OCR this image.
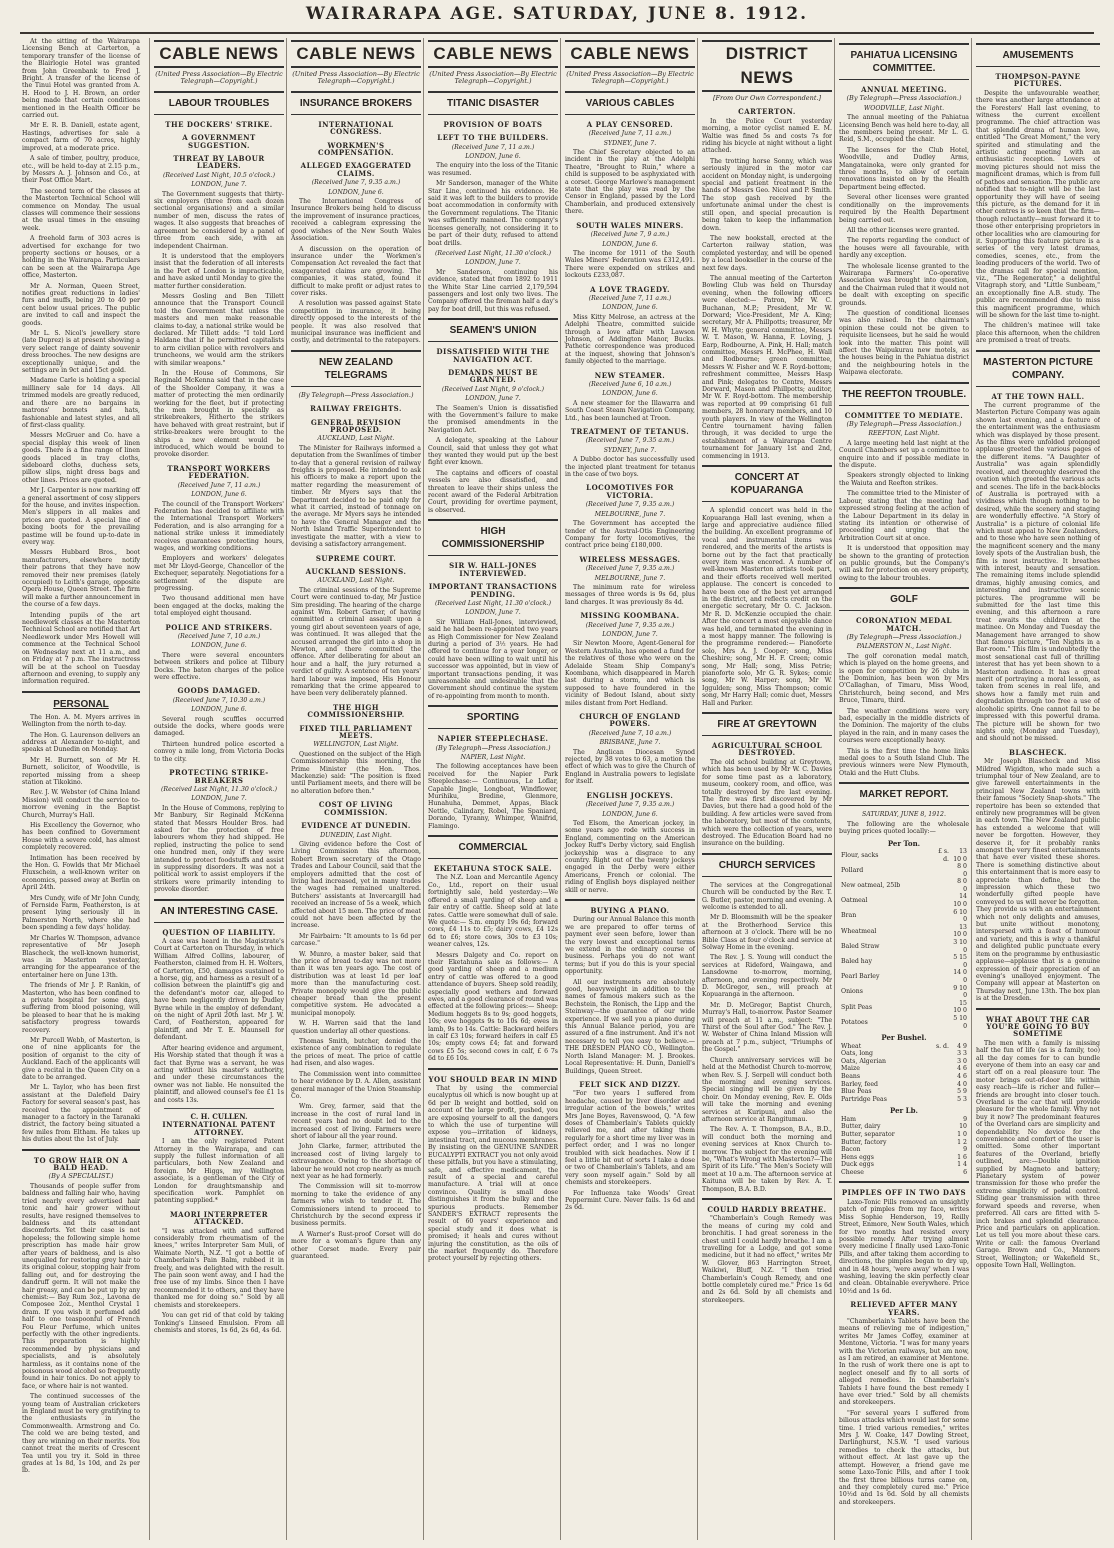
WAIRARAPA AGE. SATURDAY, JUNE 8. 1912.

At the sitting of the Wairarapa Licensing Bench at Carterton, a temporary transfer of the license of the Blairlogie Hotel was granted from John Greenbank to Fred J. Bright. A transfer of the license of the Tinui Hotel was granted from A. H. Hood to J. H. Brown, an order being made that certain conditions mentioned in the Health Officer be carried out.

Mr E. R. B. Daniell, estate agent, Hastings, advertises for sale a compact farm of 70 acres, highly improved, at a moderate price.

A sale of timber, poultry, produce, etc., will be held to-day at 2.15 p.m., by Messrs A. J. Johnson and Co., at their Post Office Mart.

The second term of the classes at the Masterton Technical School will commence on Monday. The usual classes will commence their sessions at the usual times in the ensuing week.

A freehold farm of 303 acres is advertised for exchange for two property sections or houses, or a holding in the Wairarapa. Particulars can be seen at the Wairarapa Age office, Masterton.

Mr A. Norman, Queen Street, notifies great reductions in ladies' furs and muffs, being 20 to 40 per cent below usual prices. The public are invited to call and inspect the goods.

Mr L. S. Nicol's jewellery store (late Duprez) is at present showing a very select range of dainty souvenir dress brooches. The new designs are exceptionally unique, and the settings are in 9ct and 15ct gold.

Madame Carle is holding a special millinery sale for 14 days. All trimmed models are greatly reduced, and there are no bargains in matrons' bonnets and hats, fashionable and latest styles, and all of first-class quality.

Messrs McGruer and Co. have a special display this week of linen goods. There is a fine range of linen goods placed in tray cloths, sideboard cloths, duchess sets, pillow slips, night dress bags and other lines. Prices are quoted.

Mr J. Carpenter is now marking off a general assortment of cosy slippers for the house, and invites inspection. Men's slippers in all makes and prices are quoted. A special line of boxing boots for the prevailing pastime will be found up-to-date in every way.

Messrs Hubbard Bros., boot manufacturers, elsewhere notify their patrons that they have now removed their new premises (lately occupied) to Leith's garage, opposite Opera House, Queen Street. The firm will make a further announcement in the course of a few days.

Intending pupils of the art needlework classes at the Masterton Technical School are notified that Art Needlework under Mrs Howell will commence at the Technical School on Wednesday next at 11 a.m., and on Friday at 7 p.m. The instructress will be at the school on Tuesday afternoon and evening, to supply any information required.

PERSONAL

The Hon. A. M. Myers arrives in Wellington from the north to-day.

The Hon. G. Laurenson delivers an address at Alexander to-night, and speaks at Dunedin on Monday.

Mr H. Burnett, son of Mr H. Burnett, solicitor, of Woodville, is reported missing from a sheep station at Tikokino.

Rev. J. W. Webster (of China Inland Mission) will conduct the service to-morrow evening in the Baptist Church, Murray's Hall.

His Excellency the Governor, who has been confined to Government House with a severe cold, has almost completely recovered.

Intimation has been received by the Hon. G. Fowlds that Mr Michael Fluxschein, a well-known writer on economics, passed away at Berlin on April 24th.

Mrs Cundy, wife of Mr John Cundy, of Fernside Farm, Featherston, is at present lying seriously ill in Palmerston North, where she had been spending a few days' holiday.

Mr Charles W. Thompson, advance representative of Mr Joseph Blascheck, the well-known humorist, was in Masterton yesterday, arranging for the appearance of the entertainer here on June 13th.

The friends of Mr J. P. Rankin, of Masterton, who has been confined to a private hospital for some days, suffering from blood poisoning, will be pleased to hear that he is making satisfactory progress towards recovery.

Mr Purcell Webb, of Masterton, is one of nine applicants for the position of organist to the city of Auckland. Each of the applicants will give a recital in the Queen City on a date to be arranged.

Mr L. Taylor, who has been first assistant at the Dalefield Dairy Factory for several season's past, has received the appointment of manager to a factory in the Taranaki district, the factory being situated a few miles from Eltham. He takes up his duties about the 1st of July.

TO GROW HAIR ON A BALD HEAD.
(By A SPECIALIST.)

Thousands of people suffer from baldness and falling hair who, having tried nearly every advertised hair tonic and hair grower without results, have resigned themselves to baldness and its attendant discomforts. Yet their case is not hopeless; the following simple home prescription has made hair grow after years of baldness, and is also unequalled for restoring grey hair to its original colour, stopping hair from falling out, and for destroying the dandruff germ. It will not make the hair greasy, and can be put up by any chemist:— Bay Rum 3oz., Lavona de Composee 2oz., Menthol Crystal 1 dram. If you wish it perfumed add half to one teaspoonful of French Fou Fleur Perfume, which unites perfectly with the other ingredients. This preparation is highly recommended by physicians and specialists, and is absolutely harmless, as it contains none of the poisonous wood alcohol so frequently found in hair tonics. Do not apply to face, or where hair is not wanted.

The continued successes of the young team of Australian cricketers in England must be very gratifying to the enthusiasts in the Commonwealth. Armstrong and Co. The cold we are being tested, and they are winning on their merits. You cannot treat the merits of Crescent Tea until you try it. Sold in three grades at 1s 8d, 1s 10d, and 2s per lb.

CABLE NEWS
(United Press Association—By Electric Telegraph—Copyright.)
LABOUR TROUBLES
THE DOCKERS' STRIKE.
A GOVERNMENT SUGGESTION.
THREAT BY LABOUR LEADERS.
(Received Last Night, 10.5 o'clock.)
LONDON, June 7.

The Government suggests that thirty-six employers (three from each dozen sectional organisations) and a similar number of men, discuss the rates of wages. It also suggests that breaches of agreement be considered by a panel of three from each side, with an independent Chairman.

It is understood that the employers insist that the federation of all interests in the Port of London is impracticable, and have asked until Monday to give the matter further consideration.

Messrs Gosling and Ben Tillett announce that the Transport Council told the Government that unless the masters and men make reasonable claims to-day, a national strike would be declared. Mr Tillett adds: "I told Lord Haldane that if he permitted capitalists to arm civilian police with revolvers and truncheons, we would arm the strikers with similar weapons."

In the House of Commons, Sir Reginald McKenna said that in the case of the Shoolder Company, it was a matter of protecting the men ordinarily working for the fleet, but if protecting the men brought in specially as strikebreakers, Hitherto the strikers have behaved with great restraint, but if strike-breakers were brought to the ships a new element would be introduced, which would be bound to provoke disorder.

TRANSPORT WORKERS FEDERATION.
(Received June 7, 11 a.m.)
LONDON, June 6.

The council of the Transport Workers' Federation has decided to affiliate with the International Transport Workers' Federation, and is also arranging for a national strike unless it immediately receives guarantees protecting hours, wages, and working conditions.

Employers and workers' delegates met Mr Lloyd-George, Chancellor of the Exchequer, separately. Negotiations for a settlement of the dispute are progressing.

Two thousand additional men have been engaged at the docks, making the total employed eight thousand.

POLICE AND STRIKERS.
(Received June 7, 10 a.m.)
LONDON, June 6.

There were several encounters between strikers and police at Tilbury Docks. The baton charges of the police were effective.

GOODS DAMAGED.
(Received June 7, 10.30 a.m.)
LONDON, June 6.

Several rough scuffles occurred outside the docks, where goods were damaged.

Thirteen hundred police escorted a convoy a mile long, from Victoria Docks to the city.

PROTECTING STRIKE-BREAKERS
(Received Last Night, 11.30 o'clock.)
LONDON, June 7.

In the House of Commons, replying to Mr Banbury, Sir Reginald McKenna stated that Messrs Houlder Bros. had asked for the protection of free labourers whom they had shipped. He replied, instructing the police to send one hundred men, only if they were intended to protect foodstuffs and assist in suppressing disorders. It was not a political work to assist employers if the strikers were primarily intending to provoke disorder.

AN INTERESTING CASE.
QUESTION OF LIABILITY.

A case was heard in the Magistrate's Court at Carterton on Thursday, in which William Alfred Collins, labourer, of Featherston, claimed from H. H. Wolters, of Carterton, £50, damages sustained to a horse, gig, and harness as a result of a collision between the plaintiff's gig and the defendant's motor car, alleged to have been negligently driven by Dudley Byrne while in the employ of defendant, on the night of April 20th last. Mr J. W. Card, of Featherston, appeared for plaintiff, and Mr T. E. Maunsell for defendant.

After hearing evidence and argument, His Worship stated that though it was a fact that Byrne was a servant, he was acting without his master's authority, and under these circumstances the owner was not liable. He nonsuited the plaintiff, and allowed counsel's fee £1 1s and costs 13s.

C. H. CULLEN.
INTERNATIONAL PATENT ATTORNEY.

I am the only registered Patent Attorney in the Wairarapa, and can supply the fullest information of all particulars, both New Zealand and foreign. Mr Higgs, my Wellington associate, is a gentleman of the City of London for draughtsmanship and specification work. Pamphlet on patenting supplied.*

MAORI INTERPRETER ATTACKED.

"I was attacked with and suffered considerably from rheumatism of the knees," writes Interpreter Sam Muli, of Waimate North, N.Z. "I got a bottle of Chamberlain's Pain Balm, rubbed it in freely, and was delighted with the result. The pain soon went away, and I had the free use of my limbs. Since then I have recommended it to others, and they have thanked me for doing so." Sold by all chemists and storekeepers.

You can get rid of that cold by taking Tonking's Linseed Emulsion. From all chemists and stores, 1s 6d, 2s 6d, 4s 6d.

CABLE NEWS
(United Press Association—By Electric Telegraph—Copyright.)
INSURANCE BROKERS
INTERNATIONAL CONGRESS.
WORKMEN'S COMPENSATION.
ALLEGED EXAGGERATED CLAIMS.
(Received June 7, 9.35 a.m.)
LONDON, June 6.

The International Congress of Insurance Brokers being held to discuss the improvement of insurance practices, received a cablegram expressing the good wishes of the New South Wales Association.

A discussion on the operation of insurance under the Workmen's Compensation Act revealed the fact that exaggerated claims are growing. The companies, it was stated, found it difficult to make profit or adjust rates to cover risks.

A resolution was passed against State competition in insurance, it being directly opposed to the interests of the people. It was also resolved that municipal insurance was inefficient and costly, and detrimental to the ratepayers.

NEW ZEALAND TELEGRAMS
(By Telegraph—Press Association.)
RAILWAY FREIGHTS.
GENERAL REVISION PROPOSED.
AUCKLAND, Last Night.

The Minister for Railways informed a deputation from the Swanlimes of timber to-day that a general revision of railway freights is proposed. He intended to ask his officers to make a report upon the matter regarding the measurement of timber. Mr Myers says that the Department decided to be paid only for what it carried, instead of tonnage on the average. Mr Myers says he intended to have the General Manager and the North Island Traffic Superintendent to investigate the matter, with a view to devising a satisfactory arrangement.

SUPREME COURT.
AUCKLAND SESSIONS.
AUCKLAND, Last Night.

The criminal sessions of the Supreme Court were continued to-day, Mr Justice Sim presiding. The hearing of the charge against Wm. Robert Garner, of having committed a criminal assault upon a young girl about seventeen years of age, was continued. It was alleged that the accused arranged the girl into a shop in Newton, and there committed the offence. After deliberating for about an hour and a half, the jury returned a verdict of guilty. A sentence of ten years' hard labour was imposed, His Honour remarking that the crime appeared to have been very deliberately planned.

THE HIGH COMMISSIONERSHIP.
FIXED TILL PARLIAMENT MEETS.
WELLINGTON, Last Night.

Questioned on the subject of the High Commissionership this morning, the Prime Minister (the Hon. Thos. Mackenzie) said: "The position is fixed until Parliament meets, and there will be no alteration before then."

COST OF LIVING COMMISSION.
EVIDENCE AT DUNEDIN.
DUNEDIN, Last Night.

Giving evidence before the Cost of Living Commission this afternoon, Robert Brown secretary of the Otago Trades and Labour Council, said that the employers admitted that the cost of living had increased, yet in many trades the wages had remained unaltered. Butchers' assistants at Invercargill had received an increase of 5s a week, which affected about 15 men. The price of meat could not have been affected by the increase.

Mr Fairbairn: "It amounts to 1s 6d per carcase."

W. Munro, a master baker, said that the price of bread to-day was not more than it was ten years ago. The cost of distribution was at least 1d per loaf more than the manufacturing cost. Private monopoly would give the public cheaper bread than the present competitive system. He advocated a municipal monopoly.

W. H. Warren said that the land question underlay all other questions.

Thomas Smith, butcher, denied the existence of any combination to regulate the prices of meat. The price of cattle had risen, and also wages.

The Commission went into committee to hear evidence by D. A. Allen, assistant general manager of the Union Steamship Co.

Wm. Grey, farmer, said that the increase in the cost of rural land in recent years had no doubt led to the increased cost of living. Farmers were short of labour all the year round.

John Clarke, farmer, attributed the increased cost of living largely to extravagance. Owing to the shortage of labour he would not crop nearly as much next year as he had formerly.

The Commission will sit to-morrow morning to take the evidence of any farmers who wish to tender it. The Commissioners intend to proceed to Christchurch by the second express if business permits.

A Warner's Rust-proof Corset will do more for a woman's figure than any other Corset made. Every pair guaranteed.

CABLE NEWS
(United Press Association—By Electric Telegraph—Copyright.)
TITANIC DISASTER
PROVISION OF BOATS
LEFT TO THE BUILDERS.
(Received June 7, 11 a.m.)
LONDON, June 6.

The enquiry into the loss of the Titanic was resumed.

Mr Sanderson, manager of the White Star Line, continued his evidence. He said it was left to the builders to provide boat accommodation in conformity with the Government regulations. The Titanic was sufficiently manned. The company's licenses generally, not considering it to be part of their duty, refused to attend boat drills.

(Received Last Night, 11.30 o'clock.)
LONDON, June 7.

Mr Sanderson, continuing his evidence, stated that from 1892 to 1911 the White Star Line carried 2,179,594 passengers and lost only two lives. The Company offered the fireman half a day's pay for boat drill, but this was refused.

SEAMEN'S UNION
DISSATISFIED WITH THE NAVIGATION ACT.
DEMANDS MUST BE GRANTED.
(Received Last Night, 9 o'clock.)
LONDON, June 7.

The Seamen's Union is dissatisfied with the Government's failure to make the promised amendments in the Navigation Act.

A delegate, speaking at the Labour Council, said that unless they got what they wanted they would put up the best fight ever known.

The captains and officers of coastal vessels are also dissatisfied, and threaten to leave their ships unless the recent award of the Federal Arbitration Court, providing for overtime payment, is observed.

HIGH COMMISSIONERSHIP
SIR W. HALL-JONES INTERVIEWED.
IMPORTANT TRANSACTIONS PENDING.
(Received Last Night, 11.30 o'clock.)
LONDON, June 7.

Sir William Hall-Jones, interviewed, said he had been re-appointed two years as High Commissioner for New Zealand during a period of 3½ years. He had offered to continue for a year longer, or could have been willing to wait until his successor was appointed, but in view of important transactions pending, it was unreasonable and undesirable that the Government should continue the system of re-appointing from month to month.

SPORTING
NAPIER STEEPLECHASE.
(By Telegraph—Press Association.)
NAPIER, Last Night.

The following acceptances have been received for the Napier Park Steeplechase:— Continuous, Le Loflar, Capable Jingle, Longboat, Windflower, Murihiku, Bredine, Glenmore, Hunahuha, Demmet, Appas, Black Nettle, Calindary, Robel, The Spaniard, Dorando, Tyranny, Whimper, Winifrid, Flamingo.

COMMERCIAL
EKETAHUNA STOCK SALE.

The N.Z. Loan and Mercantile Agency Co., Ltd., report on their usual fortnightly sale, held yesterday:—We offered a small yarding of sheep and a fair entry of cattle. Sheep sold at late rates. Cattle were somewhat dull of sale. We quote:— S.m. empty 19s 6d; forward cows, £4 11s to £5; dairy cows, £4 12s 6d to £6; store cows, 30s to £3 10s; weaner calves, 12s.

Messrs Dalgety and Co. report on their Eketahuna sale as follows:— A good yarding of sheep and a medium entry of cattle was offered to a good attendance of buyers. Sheep sold readily, especially good wethers and forward ewes, and a good clearance of round was effected at the following prices:— Sheep: Medium hoggets 8s to 9s; good hoggets, 10s; ewe hoggets 9s to 10s 6d; ewes in lamb, 9s to 14s. Cattle: Backward heifers in calf £3 10s; forward heifers in calf £5 10s; empty cows £4; fat and forward cows £5 5s; second cows in calf, £ 6 7s 6d to £6 10s.

YOU SHOULD BEAR IN MIND

That by using the commercial eucalyptus oil which is now bought up at 6d per lb weight and bottled, sold on account of the large profit, pushed, you are exposing yourself to all the dangers to which the use of turpentine will expose you—irritation of kidneys, intestinal tract, and mucous membranes. By insisting on the GENUINE SANDER EUCALYPTI EXTRACT you not only avoid these pitfalls, but you have a stimulating, safe, and effective medicament, the result of a special and careful manufacture. A trial will at once convince. Quality is small dose distinguishes it from the bulky and the spurious products. Remember SANDER'S EXTRACT represents the result of 60 years' experience and special study and it does what is promised; it heals and cures without injuring the constitution, as the oils of the market frequently do. Therefore protect yourself by rejecting others.

CABLE NEWS
(United Press Association—By Electric Telegraph—Copyright.)
VARIOUS CABLES
A PLAY CENSORED.
(Received June 7, 11 a.m.)
SYDNEY, June 7.

The Chief Secretary objected to an incident in the play at the Adelphi Theatre, "Brought to Ruin," where a child is supposed to be asphyxiated with a corset. George Marlowe's management state that the play was read by the Censor in England, passed by the Lord Chamberlain, and produced extensively there.

SOUTH WALES MINERS.
(Received June 7, 9 a.m.)
LONDON, June 6.

The income for 1911 of the South Wales Miners' Federation was £312,491. There were expended on strikes and lockouts £233,087.

A LOVE TRAGEDY.
(Received June 7, 11 a.m.)
LONDON, June 6.

Miss Kitty Melrose, an actress at the Adelphi Theatre, committed suicide through a love affair with Lawson Johnson, of Addington Manor, Bucks. Pathetic correspondence was produced at the inquest, showing that Johnson's family objected to the marriage.

NEW STEAMER.
(Received June 6, 10 a.m.)
LONDON, June 6.

A new steamer for the Illawarra and South Coast Steam Navigation Company, Ltd., has been launched at Troon.

TREATMENT OF TETANUS.
(Received June 7, 9.35 a.m.)
SYDNEY, June 7.

A Dubbo doctor has successfully used the injected plant treatment for tetanus in the case of two boys.

LOCOMOTIVES FOR VICTORIA.
(Received June 7, 9.35 a.m.)
MELBOURNE, June 7.

The Government has accepted the tender of the Austral-Otis Engineering Company for forty locomotives, the contract price being £180,000.

WIRELESS MESSAGES.
(Received June 7, 9.35 a.m.)
MELBOURNE, June 7.

The minimum rate for wireless messages of three words is 9s 6d, plus land charges. It was previously 8s 4d.

MISSING KOOMBANA.
(Received June 7, 9.35 a.m.)
LONDON, June 7.

Sir Newton Moore, Agent-General for Western Australia, has opened a fund for the relatives of those who were on the Adelaide Steam Ship Company's Koombana, which disappeared in March last during a storm, and which is supposed to have foundered in the vicinity of Bedout Island, about sixty miles distant from Port Hedland.

CHURCH OF ENGLAND POWERS.
(Received June 7, 10 a.m.)
BRISBANE, June 7.

The Anglican Diocesan Synod rejected, by 38 votes to 63, a motion the effect of which was to give the Church of England in Australia powers to legislate for itself.

ENGLISH JOCKEYS.
(Received June 7, 9.35 a.m.)
LONDON, June 6.

Ted Elsom, the American jockey, in some years ago rode with success in England, commenting on the American Jockey Ruff's Derby victory, said English jockeyship was a disgrace to any country. Right out of the twenty jockeys engaged in the Derby were either Americans, French or colonial. The riding of English boys displayed neither skill or nerve.

BUYING A PIANO.

During our Annual Balance this month we are prepared to offer terms of payment ever seen before, lower than the very lowest and exceptional terms we extend in the ordinary course of business. Perhaps you do not want terms; but if you do this is your special opportunity.

All our instruments are absolutely good, heavyweight in addition to the names of famous makers such as the Bechstein, the Ronisch, the Lipp and the Steinway—the guarantee of our wide experience. If we sell you a piano during this Annual Balance period, you are assured of a fine instrument. And it's not necessary to tell you easy to believe.—THE DRESDEN PIANO CO., Wellington. North Island Manager: M. J. Brookes. Local Representative: H. Dunn, Daniell's Buildings, Queen Street.

FELT SICK AND DIZZY.

"For two years I suffered from headache, caused by liver disorder and irregular action of the bowels," writes Mrs Jane Boyes, Ravenswood, Q. "A few doses of Chamberlain's Tablets quickly relieved me, and after taking them regularly for a short time my liver was in perfect order, and I was no longer troubled with sick headaches. Now if I feel a little bit out of sorts I take a dose or two of Chamberlain's Tablets, and am very soon myself again." Sold by all chemists and storekeepers.

For Influenza take Woods' Great Peppermint Cure. Never fails. 1s 6d and 2s 6d.

DISTRICT NEWS
[From Our Own Correspondent.]
CARTERTON.

In the Police Court yesterday morning, a motor cyclist named E. M. Waltie was fined 5s and costs 7s for riding his bicycle at night without a light attached.

The trotting horse Sonny, which was seriously injured in the motor car accident on Monday night, is undergoing special and patient treatment in the hands of Messrs Geo. Nicol and P. Smith. The stop gash received by the unfortunate animal under the chest is still open, and special precaution is being taken to keep the inflammation down.

The new bookstall, erected at the Carterton railway station, was completed yesterday, and will be opened by a local bookseller in the course of the next few days.

The annual meeting of the Carterton Bowling Club was held on Thursday evening, when the following officers were elected:— Patron, Mr W. C. Buchanan, M.P.; President, Mr W. Dorward; Vice-President, Mr A. King; secretary, Mr A. Phillpotts; treasurer, Mr W. H. Whyte; general committee, Messrs W. T. Mason, W. Hanna, F. Loving, J. Earp, Rodbourne, A. Pink, H. Hall; match committee, Messrs H. McPhee, H. Wall and Rodbourne; green committee, Messrs W. Fisher and W. F. Royd-bottom; refreshment committee, Messrs Hasp and Pink; delegates to Centre, Messrs Dorward, Mason and Phillpotts; auditor, Mr W. F. Royd-bottom. The membership was reported at 99 comprising 61 full members, 28 honorary members, and 10 youth players. In view of the Wellington Centre tournament having fallen through, it was decided to urge the establishment of a Wairarapa Centre tournament for January 1st and 2nd, commencing in 1913.

CONCERT AT KOPUARANGA

A splendid concert was held in the Kopuaranga Hall last evening, when a large and appreciative audience filled the building. An excellent programme of vocal and instrumental items was rendered, and the merits of the artists is borne out by the fact that practically every item was encored. A number of well-known Masterton artists took part, and their efforts received well merited applause. The concert is conceded to have been one of the best yet arranged in the district, and reflects credit on the energetic secretary, Mr O. C. Jackson. Mr R. D. McKenzie occupied the chair. After the concert a most enjoyable dance was held, and terminated the evening in a most happy manner. The following is the programme rendered:— Pianoforte solo, Mrs A. J. Cooper; song, Miss Cheshire; song, Mr H. F. Creen; comic song, Mr Hall; song, Miss Petrie; pianoforte solo, Mr G. R. Sykes; comic song, Mr W. Harper; song, Mr W. Iggulden; song, Miss Thompson; comic song, Mr Harry Hall; comic duet, Messrs Hall and Parker.

FIRE AT GREYTOWN
AGRICULTURAL SCHOOL DESTROYED.

The old school building at Greytown, which has been used by Mr W. C. Davies for some time past as a laboratory, museum, cookery room, and office, was totally destroyed by fire last evening. The fire was first discovered by Mr Davies, but there had a good hold of the building. A few articles were saved from the laboratory, but most of the contents, which were the collection of years, were destroyed. The Education Board had no insurance on the building.

CHURCH SERVICES

The services at the Congregational Church will be conducted by the Rev. T. G. Butler, pastor, morning and evening. A welcome is extended to all.

Mr D. Bloomsmith will be the speaker at the Brotherhood Service this afternoon at 3 o'clock. There will be no Bible Class at four o'clock and service at Solway Home in the evening.

The Rev. J. S. Young will conduct the services at Rideford, Waingawa, and Lansdowne to-morrow, morning, afternoon, and evening respectively. Mr D. McGregor, sen., will preach at Kopuaranga in the afternoon.

Mr. D. McGregor, Baptist Church, Murray's Hall, to-morrow. Pastor Seamer will preach at 11 a.m., subject: "The Thirst of the Soul after God." The Rev. J. W. Webster of China Inland Mission will preach at 7 p.m., subject, "Triumphs of the Gospel."

Church anniversary services will be held at the Methodist Church to-morrow, when Rev. S. J. Serpell will conduct both the morning and evening services. Special singing will be given by the choir. On Monday evening, Rev. E. Olds will take the morning and evening services at Kuripuni, and also the afternoon service at Rangitumau.

The Rev. A. T. Thompson, B.A., B.D., will conduct both the morning and evening services at Knox Church to-morrow. The subject for the evening will be, "What's Wrong with Masterton?—The Spirit of its Life." The Men's Society will meet at 10 a.m. The afternoon service at Kaituna will be taken by Rev. A. T. Thompson, B.A. B.D.

COULD HARDLY BREATHE.

"Chamberlain's Cough Remedy was the means of curing my cold and bronchitis. I had great soreness in the chest until I could hardly breathe. I am a travelling for a Lodge, and got some medicine, but it had no effect," writes Mr W. Glover, 863 Harrington Street, Waikiwi, Bluff, N.Z. "I then tried Chamberlain's Cough Remedy, and one bottle completely cured me." Price 1s 6d and 2s 6d. Sold by all chemists and storekeepers.

PAHIATUA LICENSING COMMITTEE.
ANNUAL MEETING.
(By Telegraph—Press Association.)
WOODVILLE, Last Night.

The annual meeting of the Pahiatua Licensing Bench was held here to-day, all the members being present. Mr L. G. Reid, S.M., occupied the chair.

The licenses for the Club Hotel, Woodville, and Dudley Arms, Mangatainoka, were only granted for three months, to allow of certain renovations insisted on by the Health Department being effected.

Several other licenses were granted conditionally on the improvements required by the Health Department being carried out.

All the other licenses were granted.

The reports regarding the conduct of the houses were all favourable, with hardly any exception.

The wholesale license granted to the Wairarapa Farmers' Co-operative Association was brought into question, and the Chairman ruled that it would not be dealt with excepting on specific grounds.

The question of conditional licenses was also raised. In the chairman's opinion these could not be given to requisite licensees, but he said he would look into the matter. This point will affect the Waipukurau new motels, as the houses being in the Pahiatua district and the neighbouring hotels in the Waipawa electorate.

THE REEFTON TROUBLE.
COMMITTEE TO MEDIATE.
(By Telegraph—Press Association.)
REEFTON, Last Night.

A large meeting held last night at the Council Chambers set up a committee to enquire into and if possible mediate in the dispute.

Speakers strongly objected to linking the Waiuta and Reefton strikes.

The committee tried to the Minister of Labour, stating that the meeting had expressed strong feeling at the action of the Labour Department in its delay in stating its intention or otherwise of proceeding and urging that the Arbitration Court sit at once.

It is understood that opposition may be shown to the granting of protection on public grounds, but the Company's will ask for protection on every property, owing to the labour troubles.

GOLF
CORONATION MEDAL MATCH.
(By Telegraph—Press Association.)
PALMERSTON N., Last Night.

The golf coronation medal match, which is played on the home greens, and is open for competition by 26 clubs in the Dominion, has been won by Mrs O'Callaghan, of Timaru, Miss Wood, Christchurch, being second, and Mrs Bruce, Timaru, third.

The weather conditions were very bad, especially in the middle districts of the Dominion. The majority of the clubs played in the rain, and in many cases the courses were exceptionally heavy.

This is the first time the home links medal goes to a South Island Club. The previous winners were New Plymouth, Otaki and the Hutt Clubs.

MARKET REPORT.
SATURDAY, JUNE 8, 1912.

The following are the wholesale buying prices quoted locally:—

Per Ton.
Flour, sacks	£ s. d.	13 10 0
Pollard		8 0 0
New oatmeal, 25lb		8 0 0
Oatmeal		14 10 0
Bran		6 10 0
Wheatmeal		13 10 0
Baled Straw		3 10 0
Baled hay		5 15 0
Pearl Barley		14 0 0
Onions		9 10 0
Split Peas		15 10 0
Potatoes		5 10 0
Per Bushel.
Wheat	s. d.	4 9
Oats, long		3 3
Oats, Algerian		3 0
Maize		4 6
Beans		4 6
Barley, feed		4 0
Blue Peas		5 9
Partridge Peas		5 3
Per Lb.
Ham		9
Butter, dairy		10
Butter, separator		1 0
Butter, factory		1 2
Bacon		9
Hens eggs		1 6
Duck eggs		1 4
Cheese		6
PIMPLES OFF IN TWO DAYS

Laxo-Tonic Pills removed an unsightly patch of pimples from my face, writes Miss Sophie Henderson, 19, Reilly Street, Enmore, New South Wales, which for two months had resisted every possible remedy. After trying almost every medicine I finally used Laxo-Tonic Pills, and after taking them according to directions, the pimples began to dry up, and in 48 hours, 'were away' when I was washing, leaving the skin perfectly clear and clean. Obtainable everywhere. Price 10½d and 1s 6d.

RELIEVED AFTER MANY YEARS.

"Chamberlain's Tablets have been the means of relieving me of indigestion," writes Mr James Coffey, examiner at Mentone, Victoria. "I was for many years with the Victorian railways, but am now, as I am retired, an examiner at Mentone. In the rush of work there one is apt to neglect oneself and fly to all sorts of alleged remedies. In Chamberlain's Tablets I have found the best remedy I have ever tried." Sold by all chemists and storekeepers.

"For several years I suffered from bilious attacks which would last for some time. I tried various remedies," writes Mrs J. W. Coake, 147 Dowling Street, Darlinghurst, N.S.W. "I used various remedies to check the attacks, but without effect. At last gave up the attempt. However, a friend gave me some Laxo-Tonic Pills, and after I took the first three billious turns came on, and they completely cured me." Price 10½d and 1s 6d. Sold by all chemists and storekeepers.

AMUSEMENTS
THOMPSON-PAYNE PICTURES.

Despite the unfavourable weather, there was another large attendance at the Foresters' Hall last evening, to witness the current excellent programme. The chief attraction was that splendid drama of human love, entitled "The Great Moment," the very spirited and stimulating and the artistic acting meeting with an enthusiastic reception. Lovers of moving pictures should not miss the magnificent dramas, which is from full of pathos and sensation. The public are notified that to-night will be the last opportunity they will have of seeing this picture, as the demand for it in other centres is so keen that the firm—though reluctantly—must forward it to those other enterprising proprietors in other localities who are clamouring for it. Supporting this feature picture is a series of the very latest dramas, comedies, scenes, etc., from the leading producers of the world. Two of the dramas call for special mention, viz., "The Regenerator," a delightful Vitagraph story, and "Little Sunbeam," an exceptionally fine A.B. study. The public are recommended due to miss this magnificent programme, which will be shown for the last time to-night.

The children's matinee will take place this afternoon, when the children are promised a treat of treats.

MASTERTON PICTURE COMPANY.
AT THE TOWN HALL.

The current programme of the Masterton Picture Company was again shown last evening, and a feature of the entertainment was the enthusiasm which was displayed by those present. As the films were unfolded prolonged applause greeted the various pages of the different items. "A Daughter of Australia" was again splendidly received, and thoroughly deserved the ovation which greeted the various acts and scenes. The life in the back-blocks of Australia is portrayed with a vividness which though nothing to be desired, while the scenery and staging are wonderfully effective. "A Story of Australia" is a picture of colonial life which must appeal to New Zealanders, and to those who have seen nothing of the magnificent scenery and the many lovely spots of the Australian bush, the film is most instructive. It breathes with interest, beauty and sensation. The remaining items include splendid dramas, highly amusing comics, and interesting and instructive scenic pictures. The programme will be submitted for the last time this evening, and this afternoon a rare treat awaits the children at the matinee. On Monday and Tuesday the Management have arranged to show that famous picture, "Ten Nights in a Bar-room." This film is undoubtedly the most sensational cast full of thrilling interest that has yet been shown to a Masterton audience. It has a great merit of portraying a moral lesson, as taken from scenes in real life, and shows how a family met ruin and degradation through too free a use of alcoholic spirits. One cannot fail to be impressed with this powerful drama. The picture will be shown for two nights only, (Monday and Tuesday), and should not be missed.

BLASCHECK.

Mr Joseph Blascheck and Miss Mildred Wigidton, who made such a triumphal tour of New Zealand, are to give farewell entertainments in the principal New Zealand towns with their famous "Society Snap-shots." The repertoire has been so extended that entirely new programmes will be given in each town. The New Zealand public has extended a welcome that will never be forgotten. However, they deserve it, for it probably ranks amongst the very finest entertainments that have ever visited these shores. There is something distinctive about this entertainment that is more easy to appreciate than define, but the impression which these two wonderfully gifted people have conveyed to us will never be forgotten. They provide us with an entertainment which not only delights and amuses, but unite without monotony, interspersed with a feast of humour and variety, and this is why a thankful and delighted public punctuate every item on the programme by enthusiastic applause—applause that is a genuine expression of their appreciation of an evening's unalloyed enjoyment. The Company will appear at Masterton on Thursday next, June 13th. The box plan is at the Dresden.

WHAT ABOUT THE CAR YOU'RE GOING TO BUY SOMETIME

The men with a family is missing half the fun of life (as is a family, too) all the day comes for to can bundle everyone of them into an easy car and start off on a real pleasure tour. The motor brings out-of-door life within easy reach—life is richer and fuller—friends are brought into closer touch. Overland is the car that will provide pleasure for the whole family. Why not buy it now? The predominant features of the Overland cars are simplicity and dependability. No device for the convenience and comfort of the user is omitted. Some other important features of the Overland, briefly outlined, are:—Double ignition supplied by Magneto and battery; Planetary system of power transmission for those who prefer the extreme simplicity of pedal control. Sliding gear transmission with three forward speeds and reverse, when preferred. All cars are fitted with 5-inch brakes and splendid clearance. Price and particulars on application. Let us tell you more about these cars. Write or call: the famous Overland Garage. Brown and Co., Manners Street, Wellington; or Wakefield St., opposite Town Hall, Wellington.
